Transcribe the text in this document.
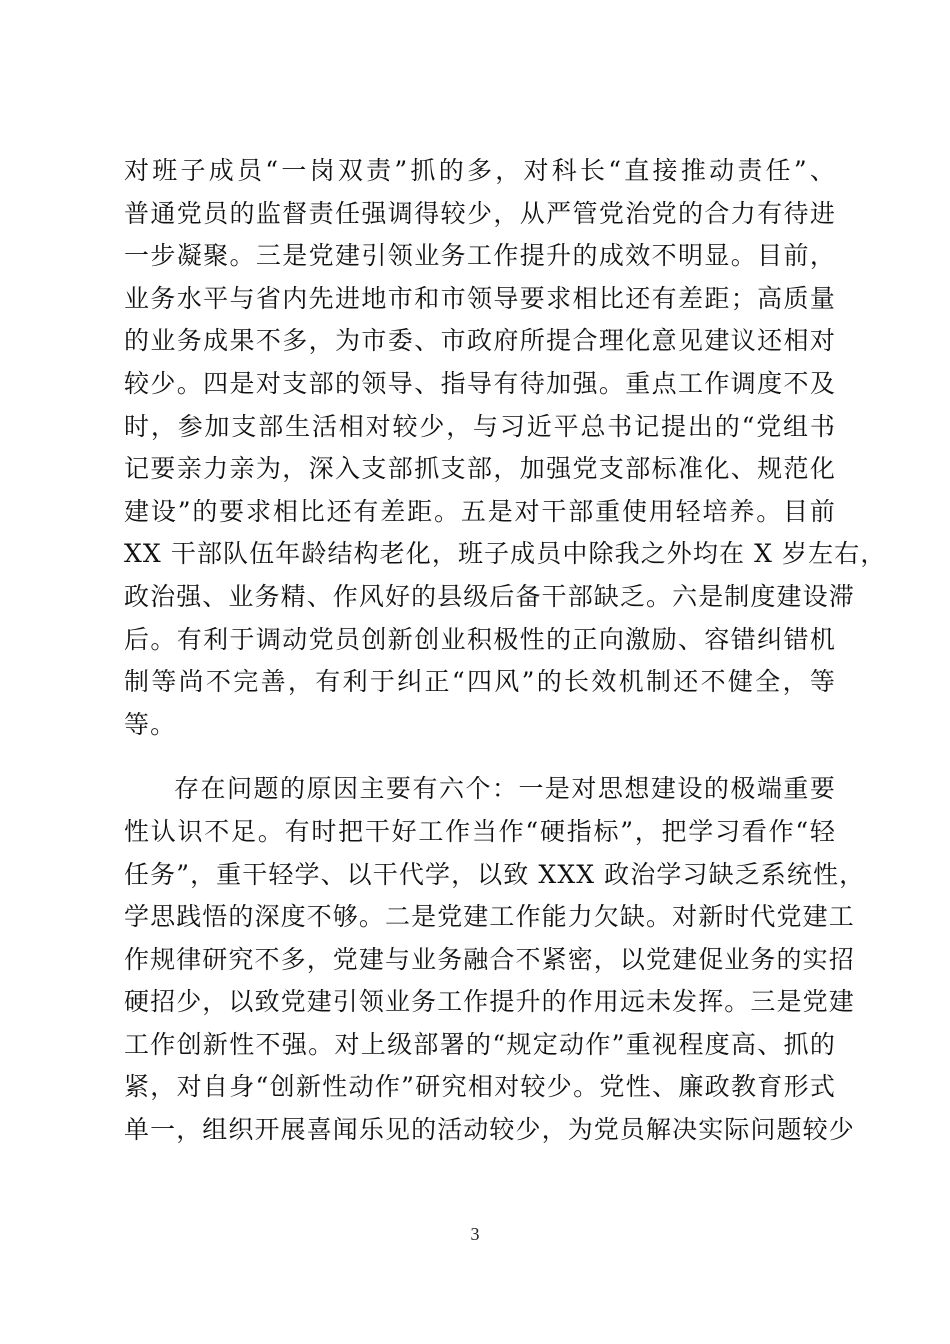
对班子成员“一岗双责”抓的多，对科长“直接推动责任”、
普通党员的监督责任强调得较少，从严管党治党的合力有待进
一步凝聚。三是党建引领业务工作提升的成效不明显。目前，
业务水平与省内先进地市和市领导要求相比还有差距；高质量
的业务成果不多，为市委、市政府所提合理化意见建议还相对
较少。四是对支部的领导、指导有待加强。重点工作调度不及
时，参加支部生活相对较少，与习近平总书记提出的“党组书
记要亲力亲为，深入支部抓支部，加强党支部标准化、规范化
建设”的要求相比还有差距。五是对干部重使用轻培养。目前
XX 干部队伍年龄结构老化，班子成员中除我之外均在 X 岁左右，
政治强、业务精、作风好的县级后备干部缺乏。六是制度建设滞
后。有利于调动党员创新创业积极性的正向激励、容错纠错机
制等尚不完善，有利于纠正“四风”的长效机制还不健全，等
等。
存在问题的原因主要有六个：一是对思想建设的极端重要
性认识不足。有时把干好工作当作“硬指标”，把学习看作“轻
任务”，重干轻学、以干代学，以致 XXX 政治学习缺乏系统性，
学思践悟的深度不够。二是党建工作能力欠缺。对新时代党建工
作规律研究不多，党建与业务融合不紧密，以党建促业务的实招
硬招少，以致党建引领业务工作提升的作用远未发挥。三是党建
工作创新性不强。对上级部署的“规定动作”重视程度高、抓的
紧，对自身“创新性动作”研究相对较少。党性、廉政教育形式
单一，组织开展喜闻乐见的活动较少，为党员解决实际问题较少
3
